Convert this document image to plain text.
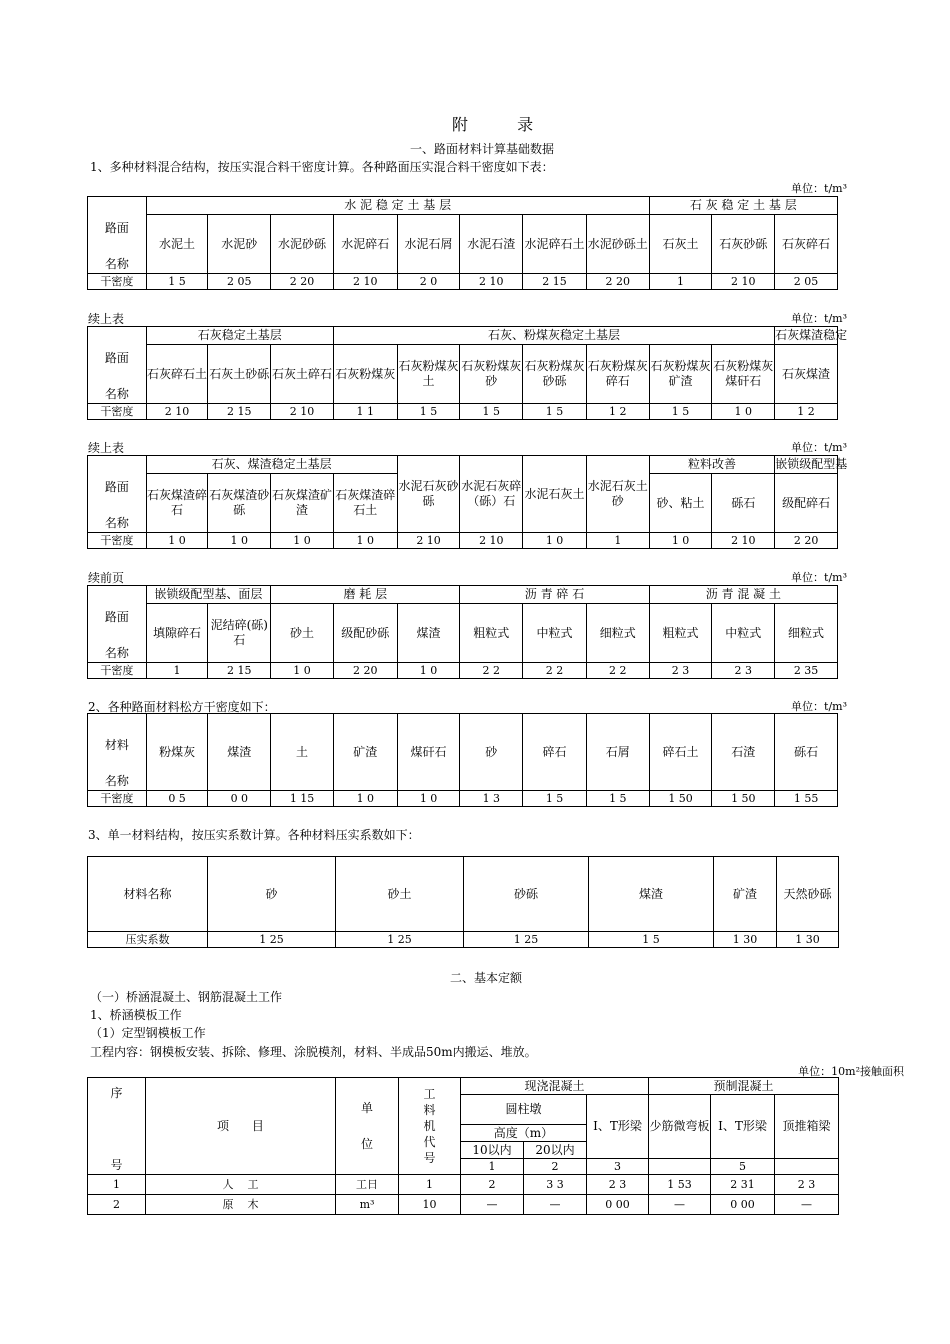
附 录
一、路面材料计算基础数据
1、多种材料混合结构，按压实混合料干密度计算。各种路面压实混合料干密度如下表：
单位：t/m³
路面

名称	水 泥 稳 定 土 基 层								石 灰 稳 定 土 基 层		
	水泥土	水泥砂	水泥砂砾	水泥碎石	水泥石屑	水泥石渣	水泥碎石土	水泥砂砾土	石灰土	石灰砂砾	石灰碎石
干密度	1 5	2 05	2 20	2 10	2 0	2 10	2 15	2 20	1	2 10	2 05
续上表	单位：t/m³
路面

名称	石灰稳定土基层			石灰、粉煤灰稳定土基层							石灰煤渣稳定
	石灰碎石土	石灰土砂砾	石灰土碎石	石灰粉煤灰	石灰粉煤灰土	石灰粉煤灰砂	石灰粉煤灰砂砾	石灰粉煤灰碎石	石灰粉煤灰矿渣	石灰粉煤灰煤矸石	石灰煤渣
干密度	2 10	2 15	2 10	1 1	1 5	1 5	1 5	1 2	1 5	1 0	1 2
续上表	单位：t/m³
路面

名称	石灰、煤渣稳定土基层				水泥石灰砂砾	水泥石灰碎（砾）石	水泥石灰土	水泥石灰土砂	粒料改善		嵌锁级配型基
	石灰煤渣碎石	石灰煤渣砂砾	石灰煤渣矿渣	石灰煤渣碎石土					砂、粘土	砾石	级配碎石
干密度	1 0	1 0	1 0	1 0	2 10	2 10	1 0	1	1 0	2 10	2 20
续前页	单位：t/m³
路面

名称	嵌锁级配型基、面层		磨 耗 层			沥 青 碎 石			沥 青 混 凝 土		
	填隙碎石	泥结碎(砾)石	砂土	级配砂砾	煤渣	粗粒式	中粒式	细粒式	粗粒式	中粒式	细粒式
干密度	1	2 15	1 0	2 20	1 0	2 2	2 2	2 2	2 3	2 3	2 35
2、各种路面材料松方干密度如下：	单位：t/m³
材料

名称	粉煤灰	煤渣	土	矿渣	煤矸石	砂	碎石	石屑	碎石土	石渣	砾石
干密度	0 5	0 0	1 15	1 0	1 0	1 3	1 5	1 5	1 50	1 50	1 55
3、单一材料结构，按压实系数计算。各种材料压实系数如下：
材料名称	砂	砂土	砂砾	煤渣	矿渣	天然砂砾
压实系数	1 25	1 25	1 25	1 5	1 30	1 30
二、基本定额
（一）桥涵混凝土、钢筋混凝土工作
1、桥涵模板工作
（1）定型钢模板工作
工程内容：钢模板安装、拆除、修理、涂脱模剂，材料、半成品50m内搬运、堆放。
单位：10m²接触面积
序

号	项      目	单

位	工料机代号	现浇混凝土			预制混凝土		
				圆柱墩		Ⅰ、T形梁	少筋微弯板	Ⅰ、T形梁	顶推箱梁
				高度（m）					
				10以内	20以内				
				1	2	3		5	
1	人    工	工日	1	2	3 3	2 3	1 53	2 31	2 3
2	原    木	m³	10	—	—	0 00	—	0 00	—
